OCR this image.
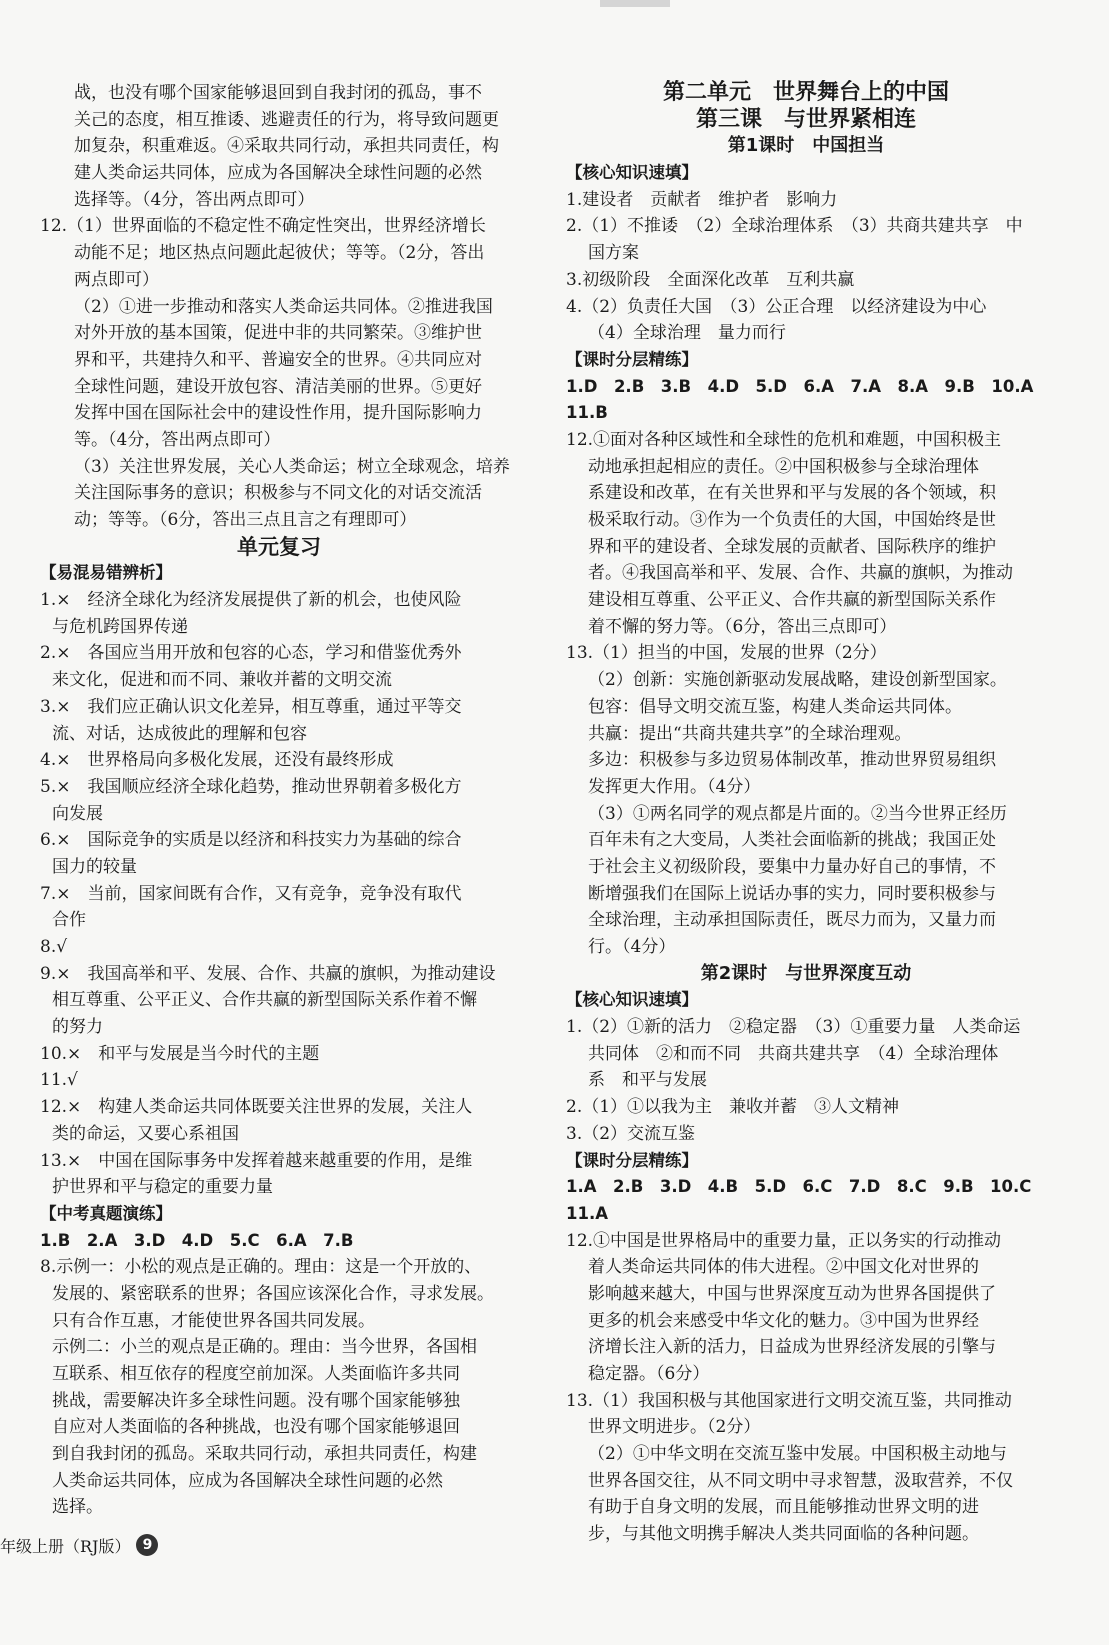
战，也没有哪个国家能够退回到自我封闭的孤岛，事不
关己的态度，相互推诿、逃避责任的行为，将导致问题更
加复杂，积重难返。④采取共同行动，承担共同责任，构
建人类命运共同体，应成为各国解决全球性问题的必然
选择等。（4分，答出两点即可）
12.（1）世界面临的不稳定性不确定性突出，世界经济增长
动能不足；地区热点问题此起彼伏；等等。（2分，答出
两点即可）
（2）①进一步推动和落实人类命运共同体。②推进我国
对外开放的基本国策，促进中非的共同繁荣。③维护世
界和平，共建持久和平、普遍安全的世界。④共同应对
全球性问题，建设开放包容、清洁美丽的世界。⑤更好
发挥中国在国际社会中的建设性作用，提升国际影响力
等。（4分，答出两点即可）
（3）关注世界发展，关心人类命运；树立全球观念，培养
关注国际事务的意识；积极参与不同文化的对话交流活
动；等等。（6分，答出三点且言之有理即可）
单元复习
【易混易错辨析】
1.×　经济全球化为经济发展提供了新的机会，也使风险
与危机跨国界传递
2.×　各国应当用开放和包容的心态，学习和借鉴优秀外
来文化，促进和而不同、兼收并蓄的文明交流
3.×　我们应正确认识文化差异，相互尊重，通过平等交
流、对话，达成彼此的理解和包容
4.×　世界格局向多极化发展，还没有最终形成
5.×　我国顺应经济全球化趋势，推动世界朝着多极化方
向发展
6.×　国际竞争的实质是以经济和科技实力为基础的综合
国力的较量
7.×　当前，国家间既有合作，又有竞争，竞争没有取代
合作
8.√
9.×　我国高举和平、发展、合作、共赢的旗帜，为推动建设
相互尊重、公平正义、合作共赢的新型国际关系作着不懈
的努力
10.×　和平与发展是当今时代的主题
11.√
12.×　构建人类命运共同体既要关注世界的发展，关注人
类的命运，又要心系祖国
13.×　中国在国际事务中发挥着越来越重要的作用，是维
护世界和平与稳定的重要力量
【中考真题演练】
1.B　2.A　3.D　4.D　5.C　6.A　7.B
8.示例一：小松的观点是正确的。理由：这是一个开放的、
发展的、紧密联系的世界；各国应该深化合作，寻求发展。
只有合作互惠，才能使世界各国共同发展。
示例二：小兰的观点是正确的。理由：当今世界，各国相
互联系、相互依存的程度空前加深。人类面临许多共同
挑战，需要解决许多全球性问题。没有哪个国家能够独
自应对人类面临的各种挑战，也没有哪个国家能够退回
到自我封闭的孤岛。采取共同行动，承担共同责任，构建
人类命运共同体，应成为各国解决全球性问题的必然
选择。
第二单元　世界舞台上的中国
第三课　与世界紧相连
第1课时　中国担当
【核心知识速填】
1.建设者　贡献者　维护者　影响力
2.（1）不推诿　（2）全球治理体系　（3）共商共建共享　中
国方案
3.初级阶段　全面深化改革　互利共赢
4.（2）负责任大国　（3）公正合理　以经济建设为中心
（4）全球治理　量力而行
【课时分层精练】
1.D　2.B　3.B　4.D　5.D　6.A　7.A　8.A　9.B　10.A
11.B
12.①面对各种区域性和全球性的危机和难题，中国积极主
动地承担起相应的责任。②中国积极参与全球治理体
系建设和改革，在有关世界和平与发展的各个领域，积
极采取行动。③作为一个负责任的大国，中国始终是世
界和平的建设者、全球发展的贡献者、国际秩序的维护
者。④我国高举和平、发展、合作、共赢的旗帜，为推动
建设相互尊重、公平正义、合作共赢的新型国际关系作
着不懈的努力等。（6分，答出三点即可）
13.（1）担当的中国，发展的世界（2分）
（2）创新：实施创新驱动发展战略，建设创新型国家。
包容：倡导文明交流互鉴，构建人类命运共同体。
共赢：提出“共商共建共享”的全球治理观。
多边：积极参与多边贸易体制改革，推动世界贸易组织
发挥更大作用。（4分）
（3）①两名同学的观点都是片面的。②当今世界正经历
百年未有之大变局，人类社会面临新的挑战；我国正处
于社会主义初级阶段，要集中力量办好自己的事情，不
断增强我们在国际上说话办事的实力，同时要积极参与
全球治理，主动承担国际责任，既尽力而为，又量力而
行。（4分）
第2课时　与世界深度互动
【核心知识速填】
1.（2）①新的活力　②稳定器　（3）①重要力量　人类命运
共同体　②和而不同　共商共建共享　（4）全球治理体
系　和平与发展
2.（1）①以我为主　兼收并蓄　③人文精神
3.（2）交流互鉴
【课时分层精练】
1.A　2.B　3.D　4.B　5.D　6.C　7.D　8.C　9.B　10.C
11.A
12.①中国是世界格局中的重要力量，正以务实的行动推动
着人类命运共同体的伟大进程。②中国文化对世界的
影响越来越大，中国与世界深度互动为世界各国提供了
更多的机会来感受中华文化的魅力。③中国为世界经
济增长注入新的活力，日益成为世界经济发展的引擎与
稳定器。（6分）
13.（1）我国积极与其他国家进行文明交流互鉴，共同推动
世界文明进步。（2分）
（2）①中华文明在交流互鉴中发展。中国积极主动地与
世界各国交往，从不同文明中寻求智慧，汲取营养，不仅
有助于自身文明的发展，而且能够推动世界文明的进
步，与其他文明携手解决人类共同面临的各种问题。
年级上册（RJ版） 9
